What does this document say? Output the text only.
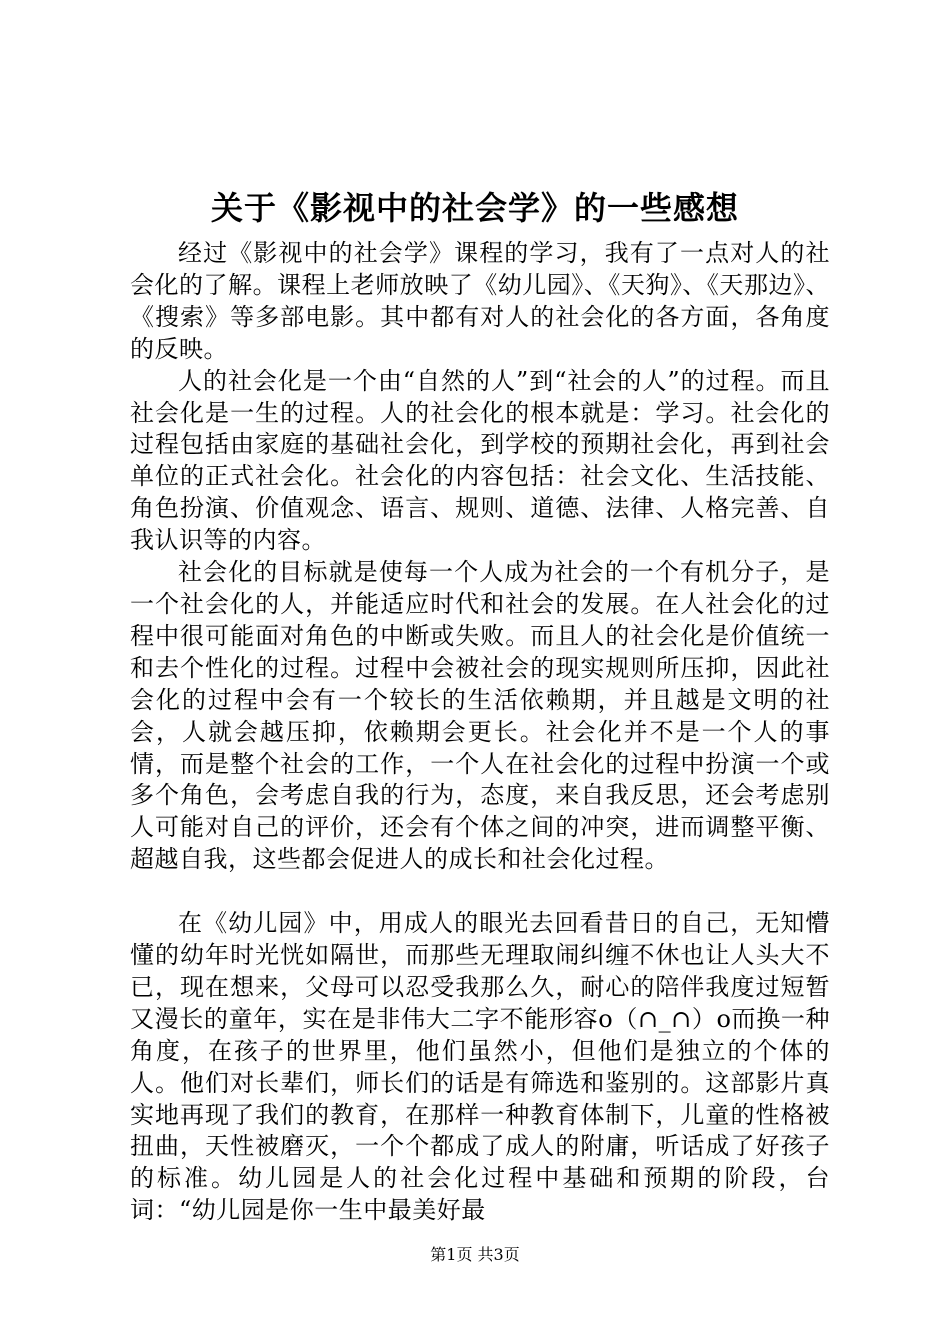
关于《影视中的社会学》的一些感想

经过《影视中的社会学》课程的学习，我有了一点对人的社会化的了解。课程上老师放映了《幼儿园》、《天狗》、《天那边》、《搜索》等多部电影。其中都有对人的社会化的各方面，各角度的反映。

人的社会化是一个由“自然的人”到“社会的人”的过程。而且社会化是一生的过程。人的社会化的根本就是：学习。社会化的过程包括由家庭的基础社会化，到学校的预期社会化，再到社会单位的正式社会化。社会化的内容包括：社会文化、生活技能、角色扮演、价值观念、语言、规则、道德、法律、人格完善、自我认识等的内容。

社会化的目标就是使每一个人成为社会的一个有机分子，是一个社会化的人，并能适应时代和社会的发展。在人社会化的过程中很可能面对角色的中断或失败。而且人的社会化是价值统一和去个性化的过程。过程中会被社会的现实规则所压抑，因此社会化的过程中会有一个较长的生活依赖期，并且越是文明的社会，人就会越压抑，依赖期会更长。社会化并不是一个人的事情，而是整个社会的工作，一个人在社会化的过程中扮演一个或多个角色，会考虑自我的行为，态度，来自我反思，还会考虑别人可能对自己的评价，还会有个体之间的冲突，进而调整平衡、超越自我，这些都会促进人的成长和社会化过程。

在《幼儿园》中，用成人的眼光去回看昔日的自己，无知懵懂的幼年时光恍如隔世，而那些无理取闹纠缠不休也让人头大不已，现在想来，父母可以忍受我那么久，耐心的陪伴我度过短暂又漫长的童年，实在是非伟大二字不能形容o（∩_∩）o而换一种角度，在孩子的世界里，他们虽然小，但他们是独立的个体的人。他们对长辈们，师长们的话是有筛选和鉴别的。这部影片真实地再现了我们的教育，在那样一种教育体制下，儿童的性格被扭曲，天性被磨灭，一个个都成了成人的附庸，听话成了好孩子的标准。幼儿园是人的社会化过程中基础和预期的阶段，台词：“幼儿园是你一生中最美好最

第1页 共3页
